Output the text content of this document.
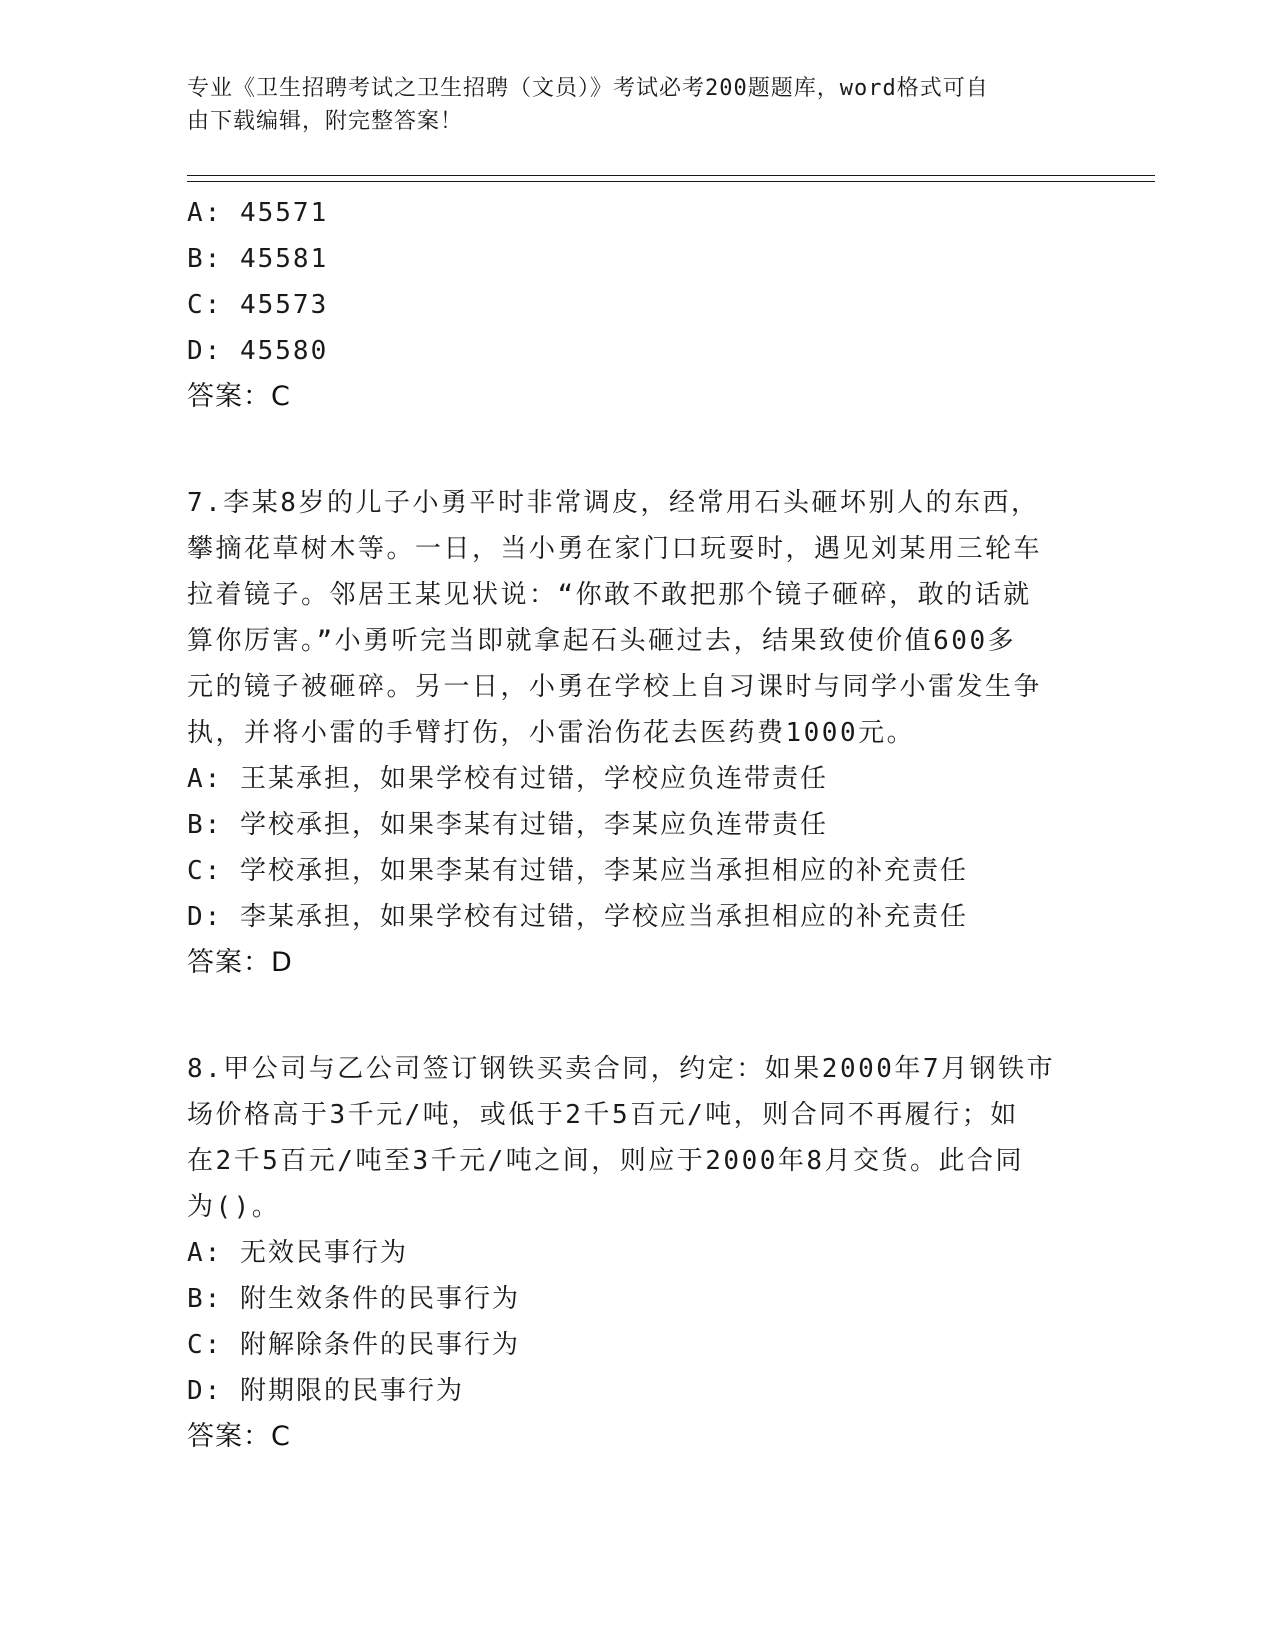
专业《卫生招聘考试之卫生招聘（文员）》考试必考200题题库，word格式可自
由下载编辑，附完整答案！
A: 45571
B: 45581
C: 45573
D: 45580
答案：C
7.李某8岁的儿子小勇平时非常调皮，经常用石头砸坏别人的东西，
攀摘花草树木等。一日，当小勇在家门口玩耍时，遇见刘某用三轮车
拉着镜子。邻居王某见状说：“你敢不敢把那个镜子砸碎，敢的话就
算你厉害。”小勇听完当即就拿起石头砸过去，结果致使价值600多
元的镜子被砸碎。另一日，小勇在学校上自习课时与同学小雷发生争
执，并将小雷的手臂打伤，小雷治伤花去医药费1000元。
A: 王某承担，如果学校有过错，学校应负连带责任
B: 学校承担，如果李某有过错，李某应负连带责任
C: 学校承担，如果李某有过错，李某应当承担相应的补充责任
D: 李某承担，如果学校有过错，学校应当承担相应的补充责任
答案：D
8.甲公司与乙公司签订钢铁买卖合同，约定：如果2000年7月钢铁市
场价格高于3千元/吨，或低于2千5百元/吨，则合同不再履行；如
在2千5百元/吨至3千元/吨之间，则应于2000年8月交货。此合同
为()。
A: 无效民事行为
B: 附生效条件的民事行为
C: 附解除条件的民事行为
D: 附期限的民事行为
答案：C
